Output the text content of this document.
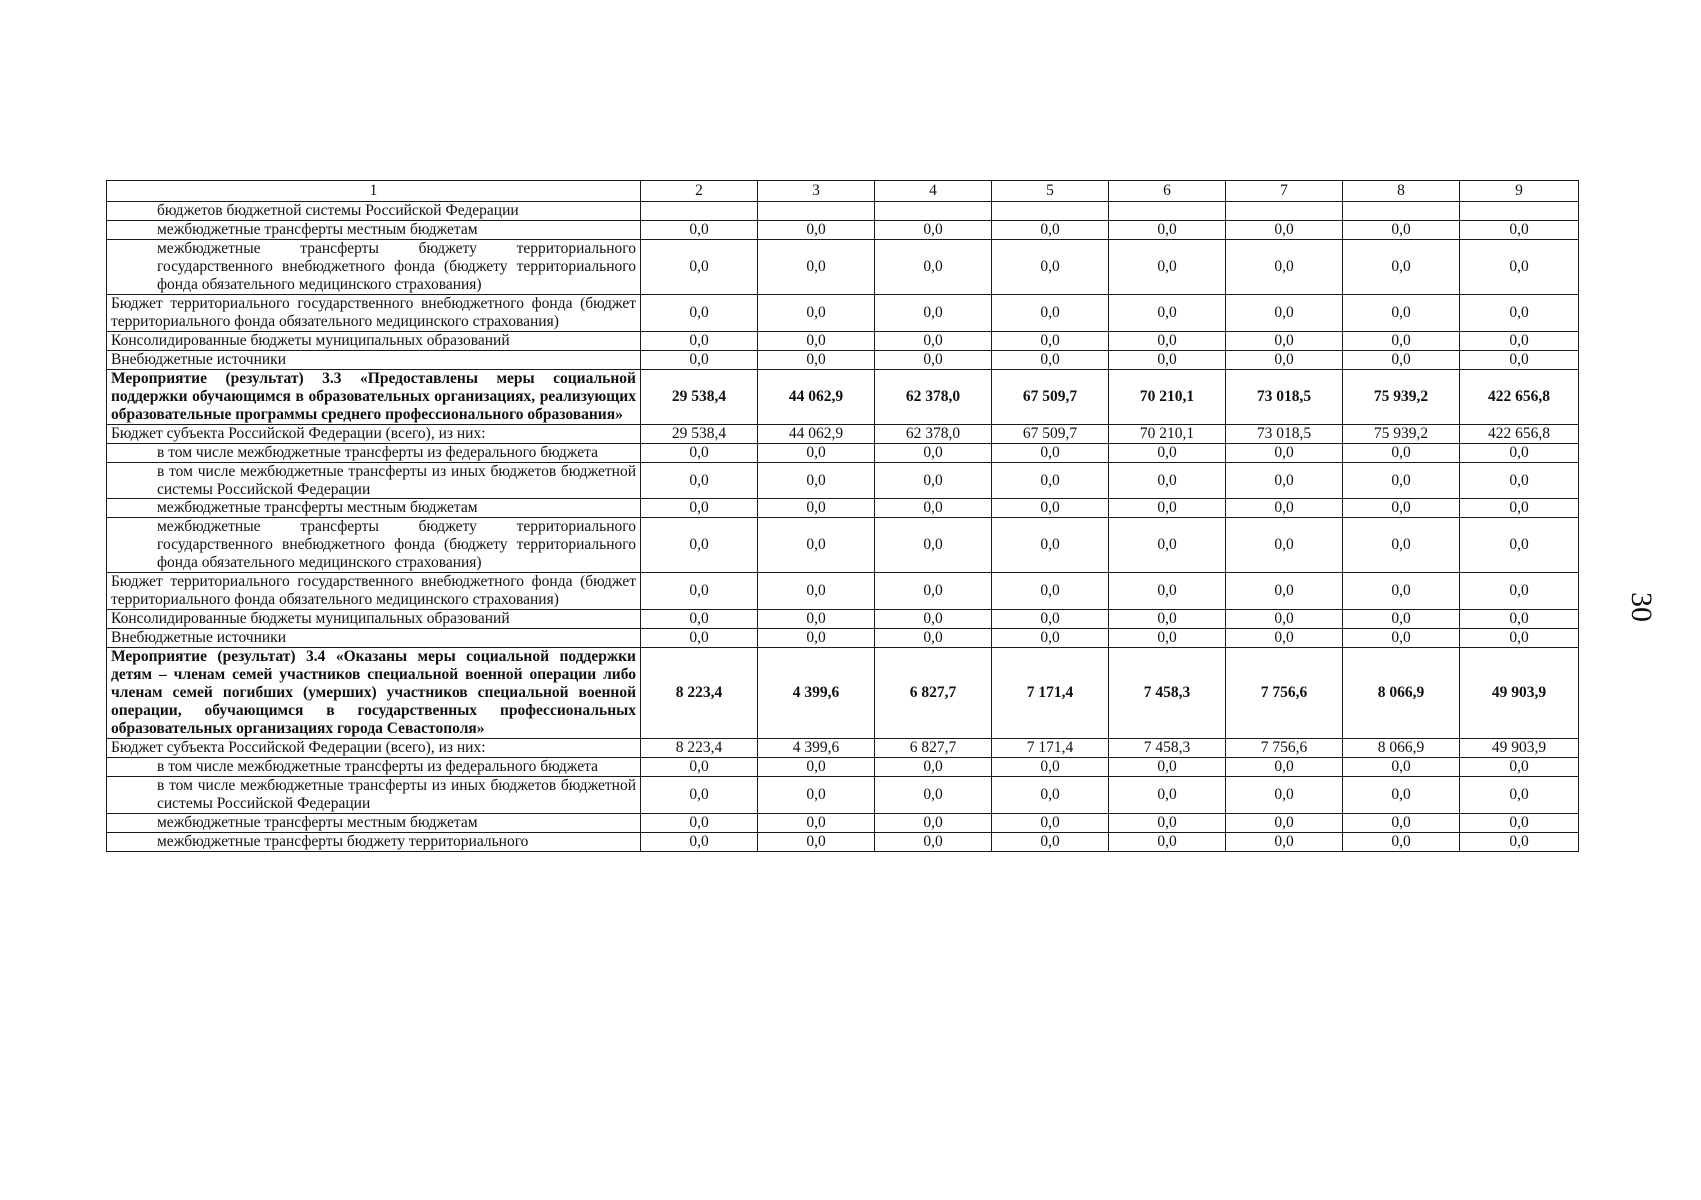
1	2	3	4	5	6	7	8	9
бюджетов бюджетной системы Российской Федерации								
межбюджетные трансферты местным бюджетам	0,0	0,0	0,0	0,0	0,0	0,0	0,0	0,0
межбюджетные трансферты бюджету территориального государственного внебюджетного фонда (бюджету территориального фонда обязательного медицинского страхования)	0,0	0,0	0,0	0,0	0,0	0,0	0,0	0,0
Бюджет территориального государственного внебюджетного фонда (бюджет территориального фонда обязательного медицинского страхования)	0,0	0,0	0,0	0,0	0,0	0,0	0,0	0,0
Консолидированные бюджеты муниципальных образований	0,0	0,0	0,0	0,0	0,0	0,0	0,0	0,0
Внебюджетные источники	0,0	0,0	0,0	0,0	0,0	0,0	0,0	0,0
Мероприятие (результат) 3.3 «Предоставлены меры социальной поддержки обучающимся в образовательных организациях, реализующих образовательные программы среднего профессионального образования»	29 538,4	44 062,9	62 378,0	67 509,7	70 210,1	73 018,5	75 939,2	422 656,8
Бюджет субъекта Российской Федерации (всего), из них:	29 538,4	44 062,9	62 378,0	67 509,7	70 210,1	73 018,5	75 939,2	422 656,8
в том числе межбюджетные трансферты из федерального бюджета	0,0	0,0	0,0	0,0	0,0	0,0	0,0	0,0
в том числе межбюджетные трансферты из иных бюджетов бюджетной системы Российской Федерации	0,0	0,0	0,0	0,0	0,0	0,0	0,0	0,0
межбюджетные трансферты местным бюджетам	0,0	0,0	0,0	0,0	0,0	0,0	0,0	0,0
межбюджетные трансферты бюджету территориального государственного внебюджетного фонда (бюджету территориального фонда обязательного медицинского страхования)	0,0	0,0	0,0	0,0	0,0	0,0	0,0	0,0
Бюджет территориального государственного внебюджетного фонда (бюджет территориального фонда обязательного медицинского страхования)	0,0	0,0	0,0	0,0	0,0	0,0	0,0	0,0
Консолидированные бюджеты муниципальных образований	0,0	0,0	0,0	0,0	0,0	0,0	0,0	0,0
Внебюджетные источники	0,0	0,0	0,0	0,0	0,0	0,0	0,0	0,0
Мероприятие (результат) 3.4 «Оказаны меры социальной поддержки детям – членам семей участников специальной военной операции либо членам семей погибших (умерших) участников специальной военной операции, обучающимся в государственных профессиональных образовательных организациях города Севастополя»	8 223,4	4 399,6	6 827,7	7 171,4	7 458,3	7 756,6	8 066,9	49 903,9
Бюджет субъекта Российской Федерации (всего), из них:	8 223,4	4 399,6	6 827,7	7 171,4	7 458,3	7 756,6	8 066,9	49 903,9
в том числе межбюджетные трансферты из федерального бюджета	0,0	0,0	0,0	0,0	0,0	0,0	0,0	0,0
в том числе межбюджетные трансферты из иных бюджетов бюджетной системы Российской Федерации	0,0	0,0	0,0	0,0	0,0	0,0	0,0	0,0
межбюджетные трансферты местным бюджетам	0,0	0,0	0,0	0,0	0,0	0,0	0,0	0,0
межбюджетные трансферты бюджету территориального	0,0	0,0	0,0	0,0	0,0	0,0	0,0	0,0
30
